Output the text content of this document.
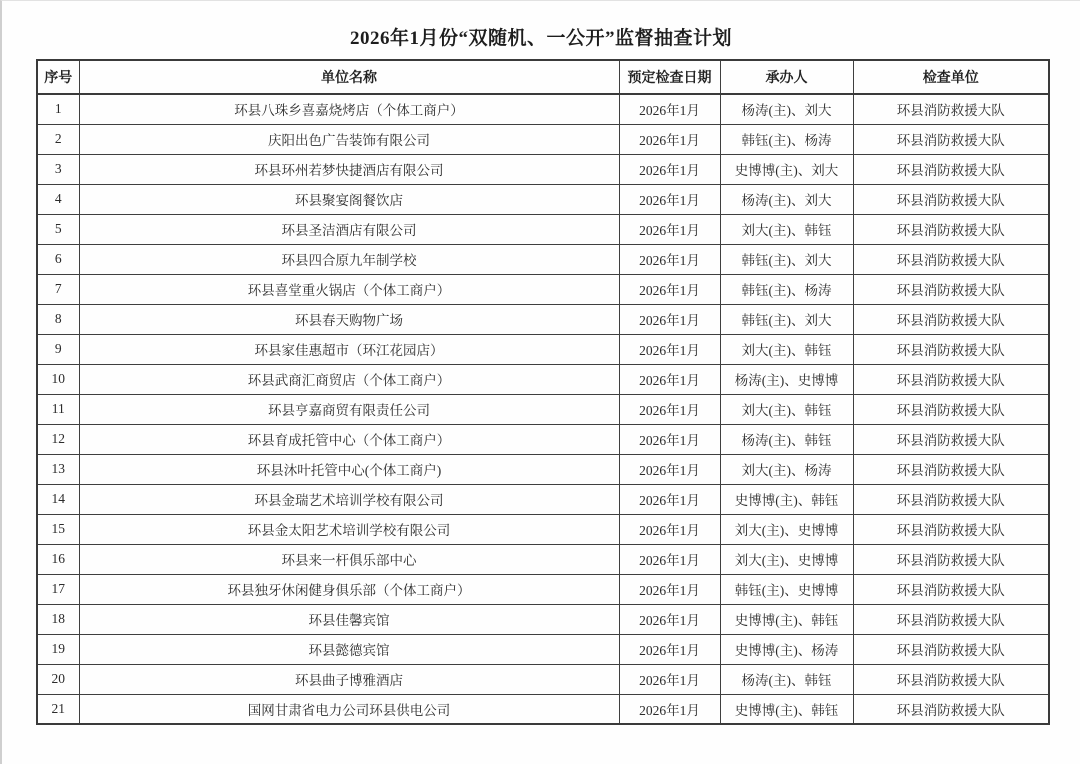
2026年1月份“双随机、一公开”监督抽查计划
序号	单位名称	预定检查日期	承办人	检查单位
1	环县八珠乡喜嘉烧烤店（个体工商户）	2026年1月	杨涛(主)、刘大	环县消防救援大队
2	庆阳出色广告装饰有限公司	2026年1月	韩钰(主)、杨涛	环县消防救援大队
3	环县环州若梦快捷酒店有限公司	2026年1月	史博博(主)、刘大	环县消防救援大队
4	环县聚宴阁餐饮店	2026年1月	杨涛(主)、刘大	环县消防救援大队
5	环县圣洁酒店有限公司	2026年1月	刘大(主)、韩钰	环县消防救援大队
6	环县四合原九年制学校	2026年1月	韩钰(主)、刘大	环县消防救援大队
7	环县喜堂重火锅店（个体工商户）	2026年1月	韩钰(主)、杨涛	环县消防救援大队
8	环县春天购物广场	2026年1月	韩钰(主)、刘大	环县消防救援大队
9	环县家佳惠超市（环江花园店）	2026年1月	刘大(主)、韩钰	环县消防救援大队
10	环县武商汇商贸店（个体工商户）	2026年1月	杨涛(主)、史博博	环县消防救援大队
11	环县亨嘉商贸有限责任公司	2026年1月	刘大(主)、韩钰	环县消防救援大队
12	环县育成托管中心（个体工商户）	2026年1月	杨涛(主)、韩钰	环县消防救援大队
13	环县沐叶托管中心(个体工商户)	2026年1月	刘大(主)、杨涛	环县消防救援大队
14	环县金瑞艺术培训学校有限公司	2026年1月	史博博(主)、韩钰	环县消防救援大队
15	环县金太阳艺术培训学校有限公司	2026年1月	刘大(主)、史博博	环县消防救援大队
16	环县来一杆俱乐部中心	2026年1月	刘大(主)、史博博	环县消防救援大队
17	环县独牙休闲健身俱乐部（个体工商户）	2026年1月	韩钰(主)、史博博	环县消防救援大队
18	环县佳馨宾馆	2026年1月	史博博(主)、韩钰	环县消防救援大队
19	环县懿德宾馆	2026年1月	史博博(主)、杨涛	环县消防救援大队
20	环县曲子博雅酒店	2026年1月	杨涛(主)、韩钰	环县消防救援大队
21	国网甘肃省电力公司环县供电公司	2026年1月	史博博(主)、韩钰	环县消防救援大队
